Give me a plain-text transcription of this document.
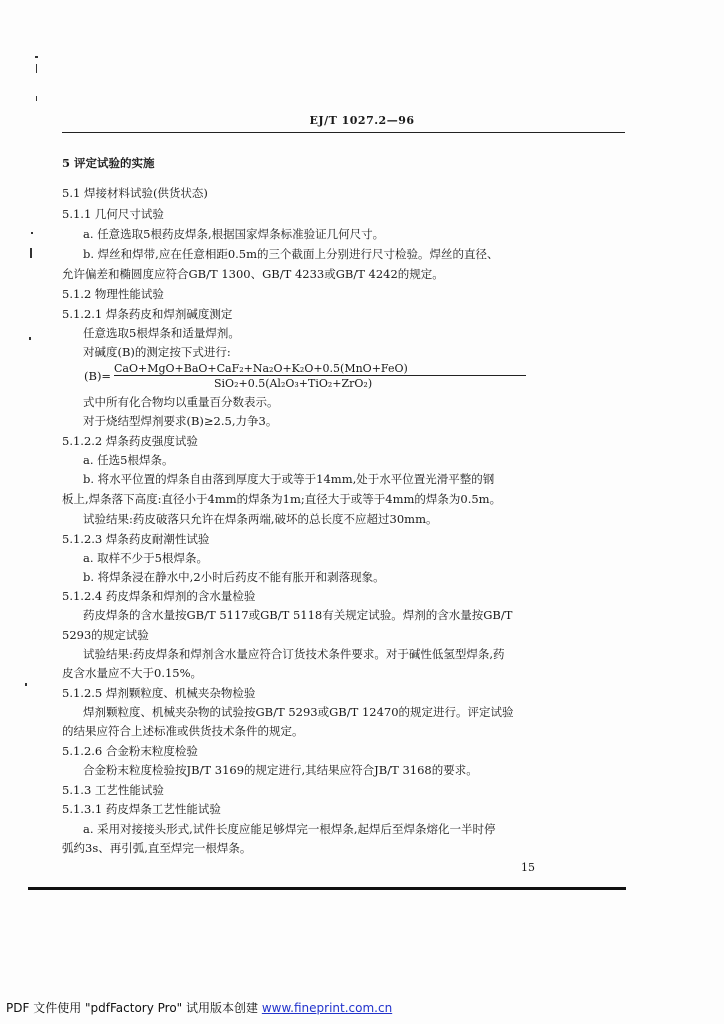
EJ/T 1027.2—96
5 评定试验的实施
5.1 焊接材料试验(供货状态)
5.1.1 几何尺寸试验
a. 任意选取5根药皮焊条,根据国家焊条标准验证几何尺寸。
b. 焊丝和焊带,应在任意相距0.5m的三个截面上分别进行尺寸检验。焊丝的直径、
允许偏差和椭圆度应符合GB/T 1300、GB/T 4233或GB/T 4242的规定。
5.1.2 物理性能试验
5.1.2.1 焊条药皮和焊剂碱度测定
任意选取5根焊条和适量焊剂。
对碱度(B)的测定按下式进行:
(B)=
CaO+MgO+BaO+CaF₂+Na₂O+K₂O+0.5(MnO+FeO)
SiO₂+0.5(Al₂O₃+TiO₂+ZrO₂)
式中所有化合物均以重量百分数表示。
对于烧结型焊剂要求(B)≥2.5,力争3。
5.1.2.2 焊条药皮强度试验
a. 任选5根焊条。
b. 将水平位置的焊条自由落到厚度大于或等于14mm,处于水平位置光滑平整的钢
板上,焊条落下高度:直径小于4mm的焊条为1m;直径大于或等于4mm的焊条为0.5m。
试验结果:药皮破落只允许在焊条两端,破坏的总长度不应超过30mm。
5.1.2.3 焊条药皮耐潮性试验
a. 取样不少于5根焊条。
b. 将焊条浸在静水中,2小时后药皮不能有胀开和剥落现象。
5.1.2.4 药皮焊条和焊剂的含水量检验
药皮焊条的含水量按GB/T 5117或GB/T 5118有关规定试验。焊剂的含水量按GB/T
5293的规定试验
试验结果:药皮焊条和焊剂含水量应符合订货技术条件要求。对于碱性低氢型焊条,药
皮含水量应不大于0.15%。
5.1.2.5 焊剂颗粒度、机械夹杂物检验
焊剂颗粒度、机械夹杂物的试验按GB/T 5293或GB/T 12470的规定进行。评定试验
的结果应符合上述标准或供货技术条件的规定。
5.1.2.6 合金粉末粒度检验
合金粉末粒度检验按JB/T 3169的规定进行,其结果应符合JB/T 3168的要求。
5.1.3 工艺性能试验
5.1.3.1 药皮焊条工艺性能试验
a. 采用对接接头形式,试件长度应能足够焊完一根焊条,起焊后至焊条熔化一半时停
弧约3s、再引弧,直至焊完一根焊条。
15
PDF 文件使用 "pdfFactory Pro" 试用版本创建 www.fineprint.com.cn
